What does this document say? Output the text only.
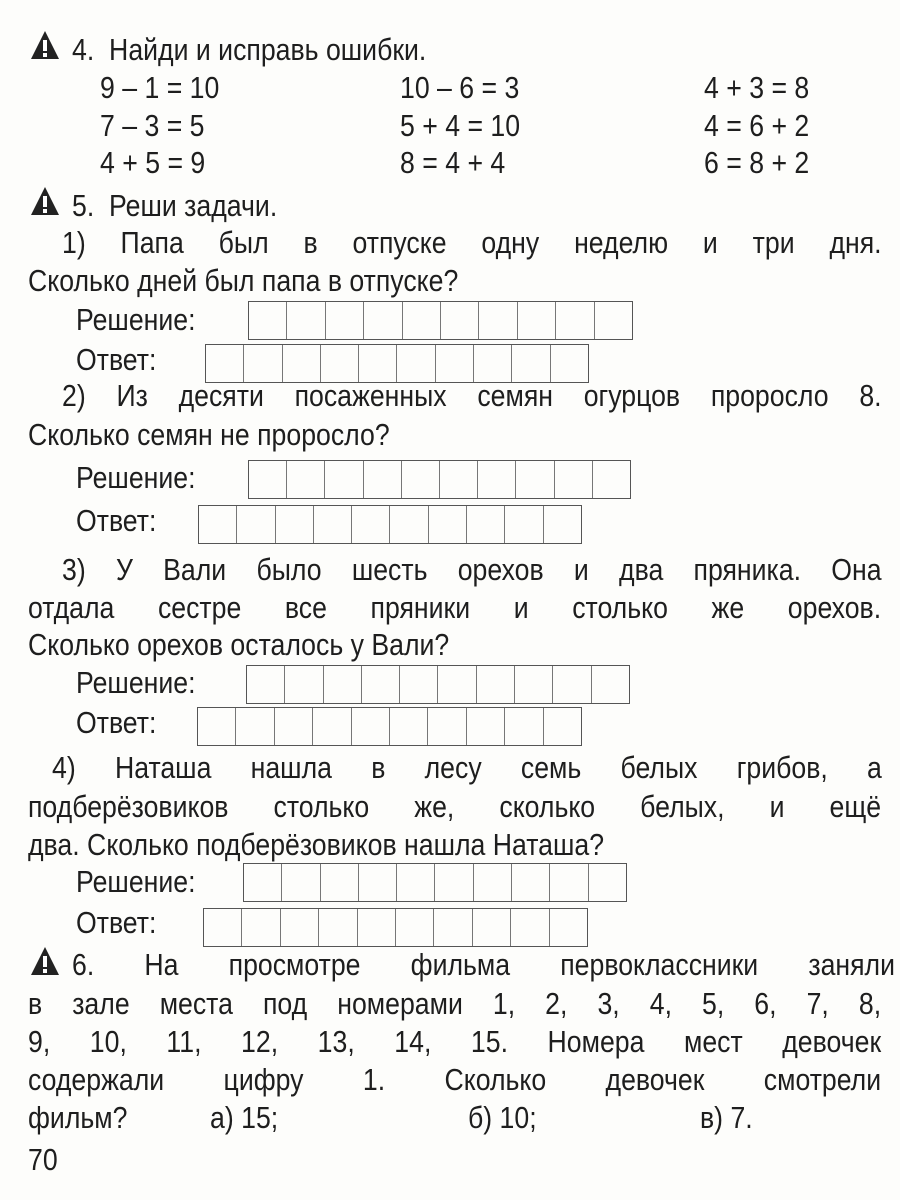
4. Найди и исправь ошибки.
9 – 1 = 10	10 – 6 = 3	4 + 3 = 8
7 – 3 = 5	5 + 4 = 10	4 = 6 + 2
4 + 5 = 9	8 = 4 + 4	6 = 8 + 2
5. Реши задачи.
1) Папа был в отпуске одну неделю и три дня.
Сколько дней был папа в отпуске?
Решение:
Ответ:
2) Из десяти посаженных семян огурцов проросло 8.
Сколько семян не проросло?
Решение:
Ответ:
3) У Вали было шесть орехов и два пряника. Она
отдала сестре все пряники и столько же орехов.
Сколько орехов осталось у Вали?
Решение:
Ответ:
4) Наташа нашла в лесу семь белых грибов, а
подберёзовиков столько же, сколько белых, и ещё
два. Сколько подберёзовиков нашла Наташа?
Решение:
Ответ:
6. На просмотре фильма первоклассники заняли
в зале места под номерами 1, 2, 3, 4, 5, 6, 7, 8,
9, 10, 11, 12, 13, 14, 15. Номера мест девочек
содержали цифру 1. Сколько девочек смотрели
фильм?	а) 15;	б) 10;	в) 7.
70
